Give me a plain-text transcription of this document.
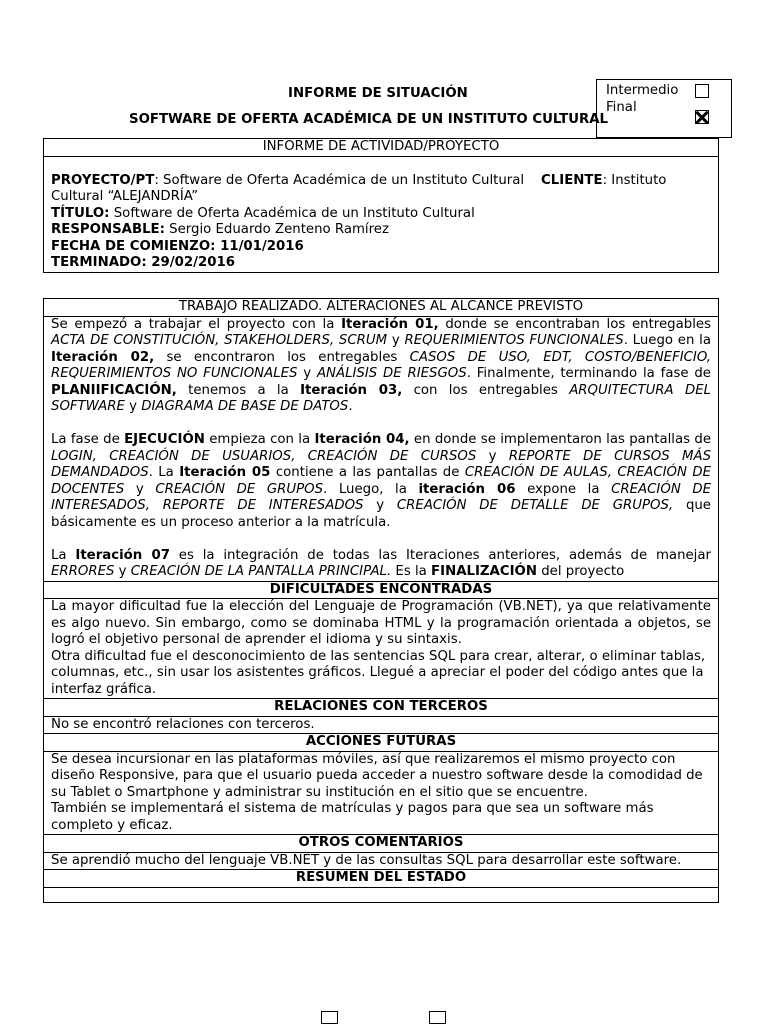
INFORME DE SITUACIÓN
SOFTWARE DE OFERTA ACADÉMICA DE UN INSTITUTO CULTURAL
Intermedio
Final
INFORME DE ACTIVIDAD/PROYECTO

PROYECTO/PT: Software de Oferta Académica de un Instituto Cultural CLIENTE: Instituto Cultural “ALEJANDRÍA”

TÍTULO: Software de Oferta Académica de un Instituto Cultural

RESPONSABLE: Sergio Eduardo Zenteno Ramírez

FECHA DE COMIENZO: 11/01/2016

TERMINADO: 29/02/2016

TRABAJO REALIZADO. ALTERACIONES AL ALCANCE PREVISTO

Se empezó a trabajar el proyecto con la Iteración 01, donde se encontraban los entregables ACTA DE CONSTITUCIÓN, STAKEHOLDERS, SCRUM y REQUERIMIENTOS FUNCIONALES. Luego en la Iteración 02, se encontraron los entregables CASOS DE USO, EDT, COSTO/BENEFICIO, REQUERIMIENTOS NO FUNCIONALES y ANÁLISIS DE RIESGOS. Finalmente, terminando la fase de PLANIIFICACIÓN, tenemos a la Iteración 03, con los entregables ARQUITECTURA DEL SOFTWARE y DIAGRAMA DE BASE DE DATOS.

La fase de EJECUCIÓN empieza con la Iteración 04, en donde se implementaron las pantallas de LOGIN, CREACIÓN DE USUARIOS, CREACIÓN DE CURSOS y REPORTE DE CURSOS MÁS DEMANDADOS. La Iteración 05 contiene a las pantallas de CREACIÓN DE AULAS, CREACIÓN DE DOCENTES y CREACIÓN DE GRUPOS. Luego, la iteración 06 expone la CREACIÓN DE INTERESADOS, REPORTE DE INTERESADOS y CREACIÓN DE DETALLE DE GRUPOS, que básicamente es un proceso anterior a la matrícula.

La Iteración 07 es la integración de todas las Iteraciones anteriores, además de manejar ERRORES y CREACIÓN DE LA PANTALLA PRINCIPAL. Es la FINALIZACIÓN del proyecto

DIFICULTADES ENCONTRADAS

La mayor dificultad fue la elección del Lenguaje de Programación (VB.NET), ya que relativamente es algo nuevo. Sin embargo, como se dominaba HTML y la programación orientada a objetos, se logró el objetivo personal de aprender el idioma y su sintaxis.

Otra dificultad fue el desconocimiento de las sentencias SQL para crear, alterar, o eliminar tablas, columnas, etc., sin usar los asistentes gráficos. Llegué a apreciar el poder del código antes que la interfaz gráfica.

RELACIONES CON TERCEROS
No se encontró relaciones con terceros.
ACCIONES FUTURAS

Se desea incursionar en las plataformas móviles, así que realizaremos el mismo proyecto con diseño Responsive, para que el usuario pueda acceder a nuestro software desde la comodidad de su Tablet o Smartphone y administrar su institución en el sitio que se encuentre.

También se implementará el sistema de matrículas y pagos para que sea un software más completo y eficaz.

OTROS COMENTARIOS
Se aprendió mucho del lenguaje VB.NET y de las consultas SQL para desarrollar este software.
RESUMEN DEL ESTADO
